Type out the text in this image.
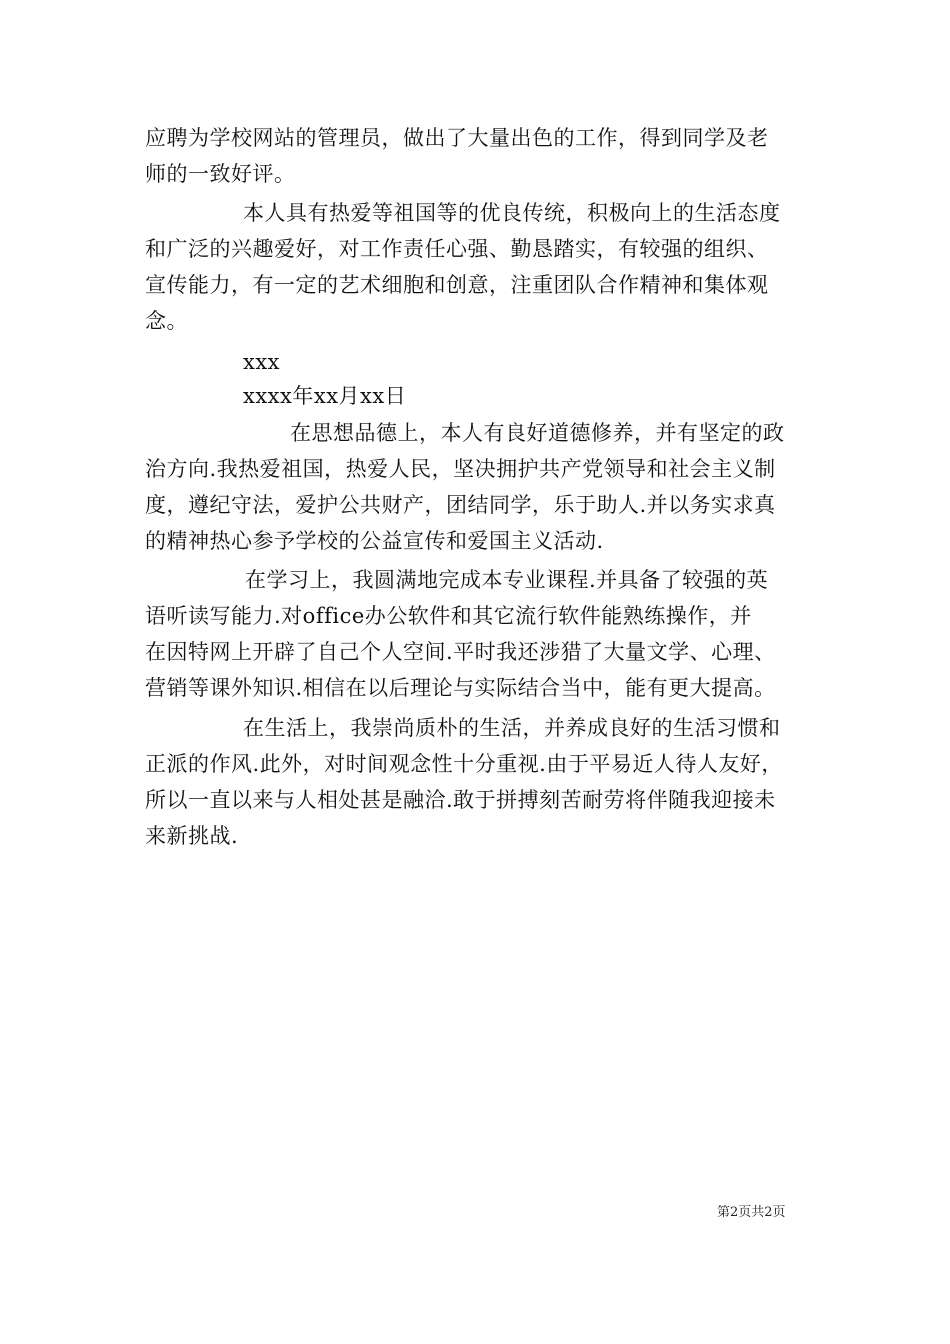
应聘为学校网站的管理员，做出了大量出色的工作，得到同学及老
师的一致好评。
本人具有热爱等祖国等的优良传统，积极向上的生活态度
和广泛的兴趣爱好，对工作责任心强、勤恳踏实，有较强的组织、
宣传能力，有一定的艺术细胞和创意，注重团队合作精神和集体观
念。
xxx
xxxx年xx月xx日
在思想品德上，本人有良好道德修养，并有坚定的政
治方向.我热爱祖国，热爱人民，坚决拥护共产党领导和社会主义制
度，遵纪守法，爱护公共财产，团结同学，乐于助人.并以务实求真
的精神热心参予学校的公益宣传和爱国主义活动.
在学习上，我圆满地完成本专业课程.并具备了较强的英
语听读写能力.对office办公软件和其它流行软件能熟练操作，并
在因特网上开辟了自己个人空间.平时我还涉猎了大量文学、心理、
营销等课外知识.相信在以后理论与实际结合当中，能有更大提高。
在生活上，我崇尚质朴的生活，并养成良好的生活习惯和
正派的作风.此外，对时间观念性十分重视.由于平易近人待人友好，
所以一直以来与人相处甚是融洽.敢于拼搏刻苦耐劳将伴随我迎接未
来新挑战.
第2页共2页
